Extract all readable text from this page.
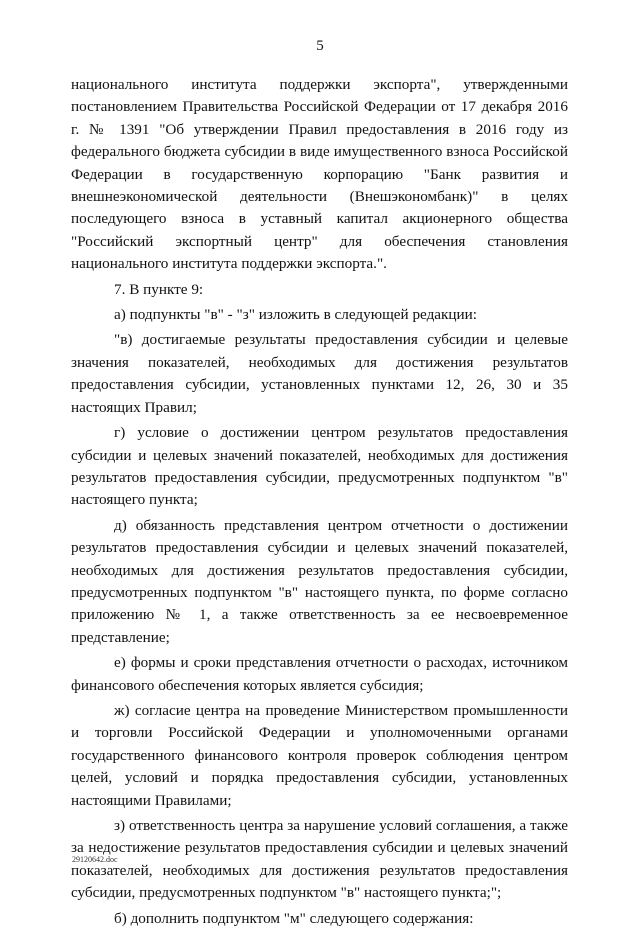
5

национального института поддержки экспорта", утвержденными постановлением Правительства Российской Федерации от 17 декабря 2016 г. № 1391 "Об утверждении Правил предоставления в 2016 году из федерального бюджета субсидии в виде имущественного взноса Российской Федерации в государственную корпорацию "Банк развития и внешнеэкономической деятельности (Внешэкономбанк)" в целях последующего взноса в уставный капитал акционерного общества "Российский экспортный центр" для обеспечения становления национального института поддержки экспорта.".

7. В пункте 9:

а) подпункты "в" - "з" изложить в следующей редакции:

"в) достигаемые результаты предоставления субсидии и целевые значения показателей, необходимых для достижения результатов предоставления субсидии, установленных пунктами 12, 26, 30 и 35 настоящих Правил;

г) условие о достижении центром результатов предоставления субсидии и целевых значений показателей, необходимых для достижения результатов предоставления субсидии, предусмотренных подпунктом "в" настоящего пункта;

д) обязанность представления центром отчетности о достижении результатов предоставления субсидии и целевых значений показателей, необходимых для достижения результатов предоставления субсидии, предусмотренных подпунктом "в" настоящего пункта, по форме согласно приложению № 1, а также ответственность за ее несвоевременное представление;

е) формы и сроки представления отчетности о расходах, источником финансового обеспечения которых является субсидия;

ж) согласие центра на проведение Министерством промышленности и торговли Российской Федерации и уполномоченными органами государственного финансового контроля проверок соблюдения центром целей, условий и порядка предоставления субсидии, установленных настоящими Правилами;

з) ответственность центра за нарушение условий соглашения, а также за недостижение результатов предоставления субсидии и целевых значений показателей, необходимых для достижения результатов предоставления субсидии, предусмотренных подпунктом "в" настоящего пункта;";

б) дополнить подпунктом "м" следующего содержания:

29120642.doc
